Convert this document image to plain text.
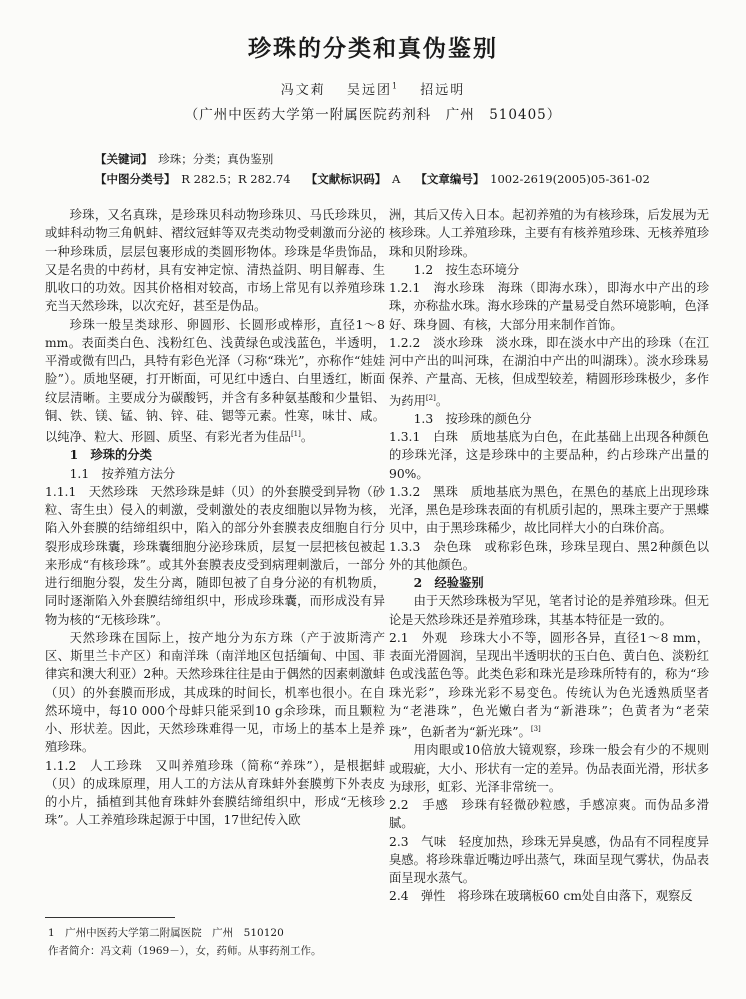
珍珠的分类和真伪鉴别
冯文莉　 吴远团$^1$　 招远明
（广州中医药大学第一附属医院药剂科　广州　510405）
【关键词】　 珍珠；分类；真伪鉴别
【中图分类号】　 R 282.5；R 282.74　 【文献标识码】　 A　 【文章编号】　 1002-2619(2005)05-361-02

珍珠，又名真珠，是珍珠贝科动物珍珠贝、马氏珍珠贝，或蚌科动物三角帆蚌、褶纹冠蚌等双壳类动物受刺激而分泌的一种珍珠质，层层包裹形成的类圆形物体。珍珠是华贵饰品，又是名贵的中药材，具有安神定惊、清热益阴、明目解毒、生肌收口的功效。因其价格相对较高，市场上常见有以养殖珍珠充当天然珍珠，以次充好，甚至是伪品。

珍珠一般呈类球形、卵圆形、长圆形或棒形，直径1～8 mm。表面类白色、浅粉红色、浅黄绿色或浅蓝色，半透明，平滑或微有凹凸，具特有彩色光泽（习称“珠光”，亦称作“娃娃脸”）。质地坚硬，打开断面，可见红中透白、白里透红，断面纹层清晰。主要成分为碳酸钙，并含有多种氨基酸和少量铝、铜、铁、镁、锰、钠、锌、硅、锶等元素。性寒，味甘、咸。以纯净、粒大、形圆、质坚、有彩光者为佳品[1]。

1　珍珠的分类

1.1　按养殖方法分

1.1.1　天然珍珠　天然珍珠是蚌（贝）的外套膜受到异物（砂粒、寄生虫）侵入的刺激，受刺激处的表皮细胞以异物为核，陷入外套膜的结缔组织中，陷入的部分外套膜表皮细胞自行分裂形成珍珠囊，珍珠囊细胞分泌珍珠质，层复一层把核包被起来形成“有核珍珠”。或其外套膜表皮受到病理刺激后，一部分进行细胞分裂，发生分离，随即包被了自身分泌的有机物质，同时逐渐陷入外套膜结缔组织中，形成珍珠囊，而形成没有异物为核的“无核珍珠”。

天然珍珠在国际上，按产地分为东方珠（产于波斯湾产区、斯里兰卡产区）和南洋珠（南洋地区包括缅甸、中国、菲律宾和澳大利亚）2种。天然珍珠往往是由于偶然的因素刺激蚌（贝）的外套膜而形成，其成珠的时间长，机率也很小。在自然环境中，每10 000个母蚌只能采到10 g余珍珠，而且颗粒小、形状差。因此，天然珍珠难得一见，市场上的基本上是养殖珍珠。

1.1.2　人工珍珠　又叫养殖珍珠（简称“养珠”），是根据蚌（贝）的成珠原理，用人工的方法从育珠蚌外套膜剪下外表皮的小片，插植到其他育珠蚌外套膜结缔组织中，形成“无核珍珠”。人工养殖珍珠起源于中国，17世纪传入欧

洲，其后又传入日本。起初养殖的为有核珍珠，后发展为无核珍珠。人工养殖珍珠，主要有有核养殖珍珠、无核养殖珍珠和贝附珍珠。

1.2　按生态环境分

1.2.1　海水珍珠　海珠（即海水珠），即海水中产出的珍珠，亦称盐水珠。海水珍珠的产量易受自然环境影响，色泽好、珠身圆、有核，大部分用来制作首饰。

1.2.2　淡水珍珠　淡水珠，即在淡水中产出的珍珠（在江河中产出的叫河珠，在湖泊中产出的叫湖珠）。淡水珍珠易保养、产量高、无核，但成型较差，精圆形珍珠极少，多作为药用[2]。

1.3　按珍珠的颜色分

1.3.1　白珠　质地基底为白色，在此基础上出现各种颜色的珍珠光泽，这是珍珠中的主要品种，约占珍珠产出量的90%。

1.3.2　黑珠　质地基底为黑色，在黑色的基底上出现珍珠光泽，黑色是珍珠表面的有机质引起的，黑珠主要产于黑蝶贝中，由于黑珍珠稀少，故比同样大小的白珠价高。

1.3.3　杂色珠　或称彩色珠，珍珠呈现白、黑2种颜色以外的其他颜色。

2　经验鉴别

由于天然珍珠极为罕见，笔者讨论的是养殖珍珠。但无论是天然珍珠还是养殖珍珠，其基本特征是一致的。

2.1　外观　珍珠大小不等，圆形各异，直径1～8 mm，表面光滑圆润，呈现出半透明状的玉白色、黄白色、淡粉红色或浅蓝色等。此类色彩和珠光是珍珠所特有的，称为“珍珠光彩”，珍珠光彩不易变色。传统认为色光透熟质坚者为“老港珠”，色光嫩白者为“新港珠”；色黄者为“老荣珠”，色新者为“新光珠”。[3]

用肉眼或10倍放大镜观察，珍珠一般会有少的不规则或瑕疵，大小、形状有一定的差异。伪品表面光滑，形状多为球形，虹彩、光泽非常统一。

2.2　手感　珍珠有轻微砂粒感，手感凉爽。而伪品多滑腻。

2.3　气味　轻度加热，珍珠无异臭感，伪品有不同程度异臭感。将珍珠靠近嘴边呼出蒸气，珠面呈现气雾状，伪品表面呈现水蒸气。

2.4　弹性　将珍珠在玻璃板60 cm处自由落下，观察反

1　广州中医药大学第二附属医院　广州　510120
作者简介：冯文莉（1969－），女，药师。从事药剂工作。
